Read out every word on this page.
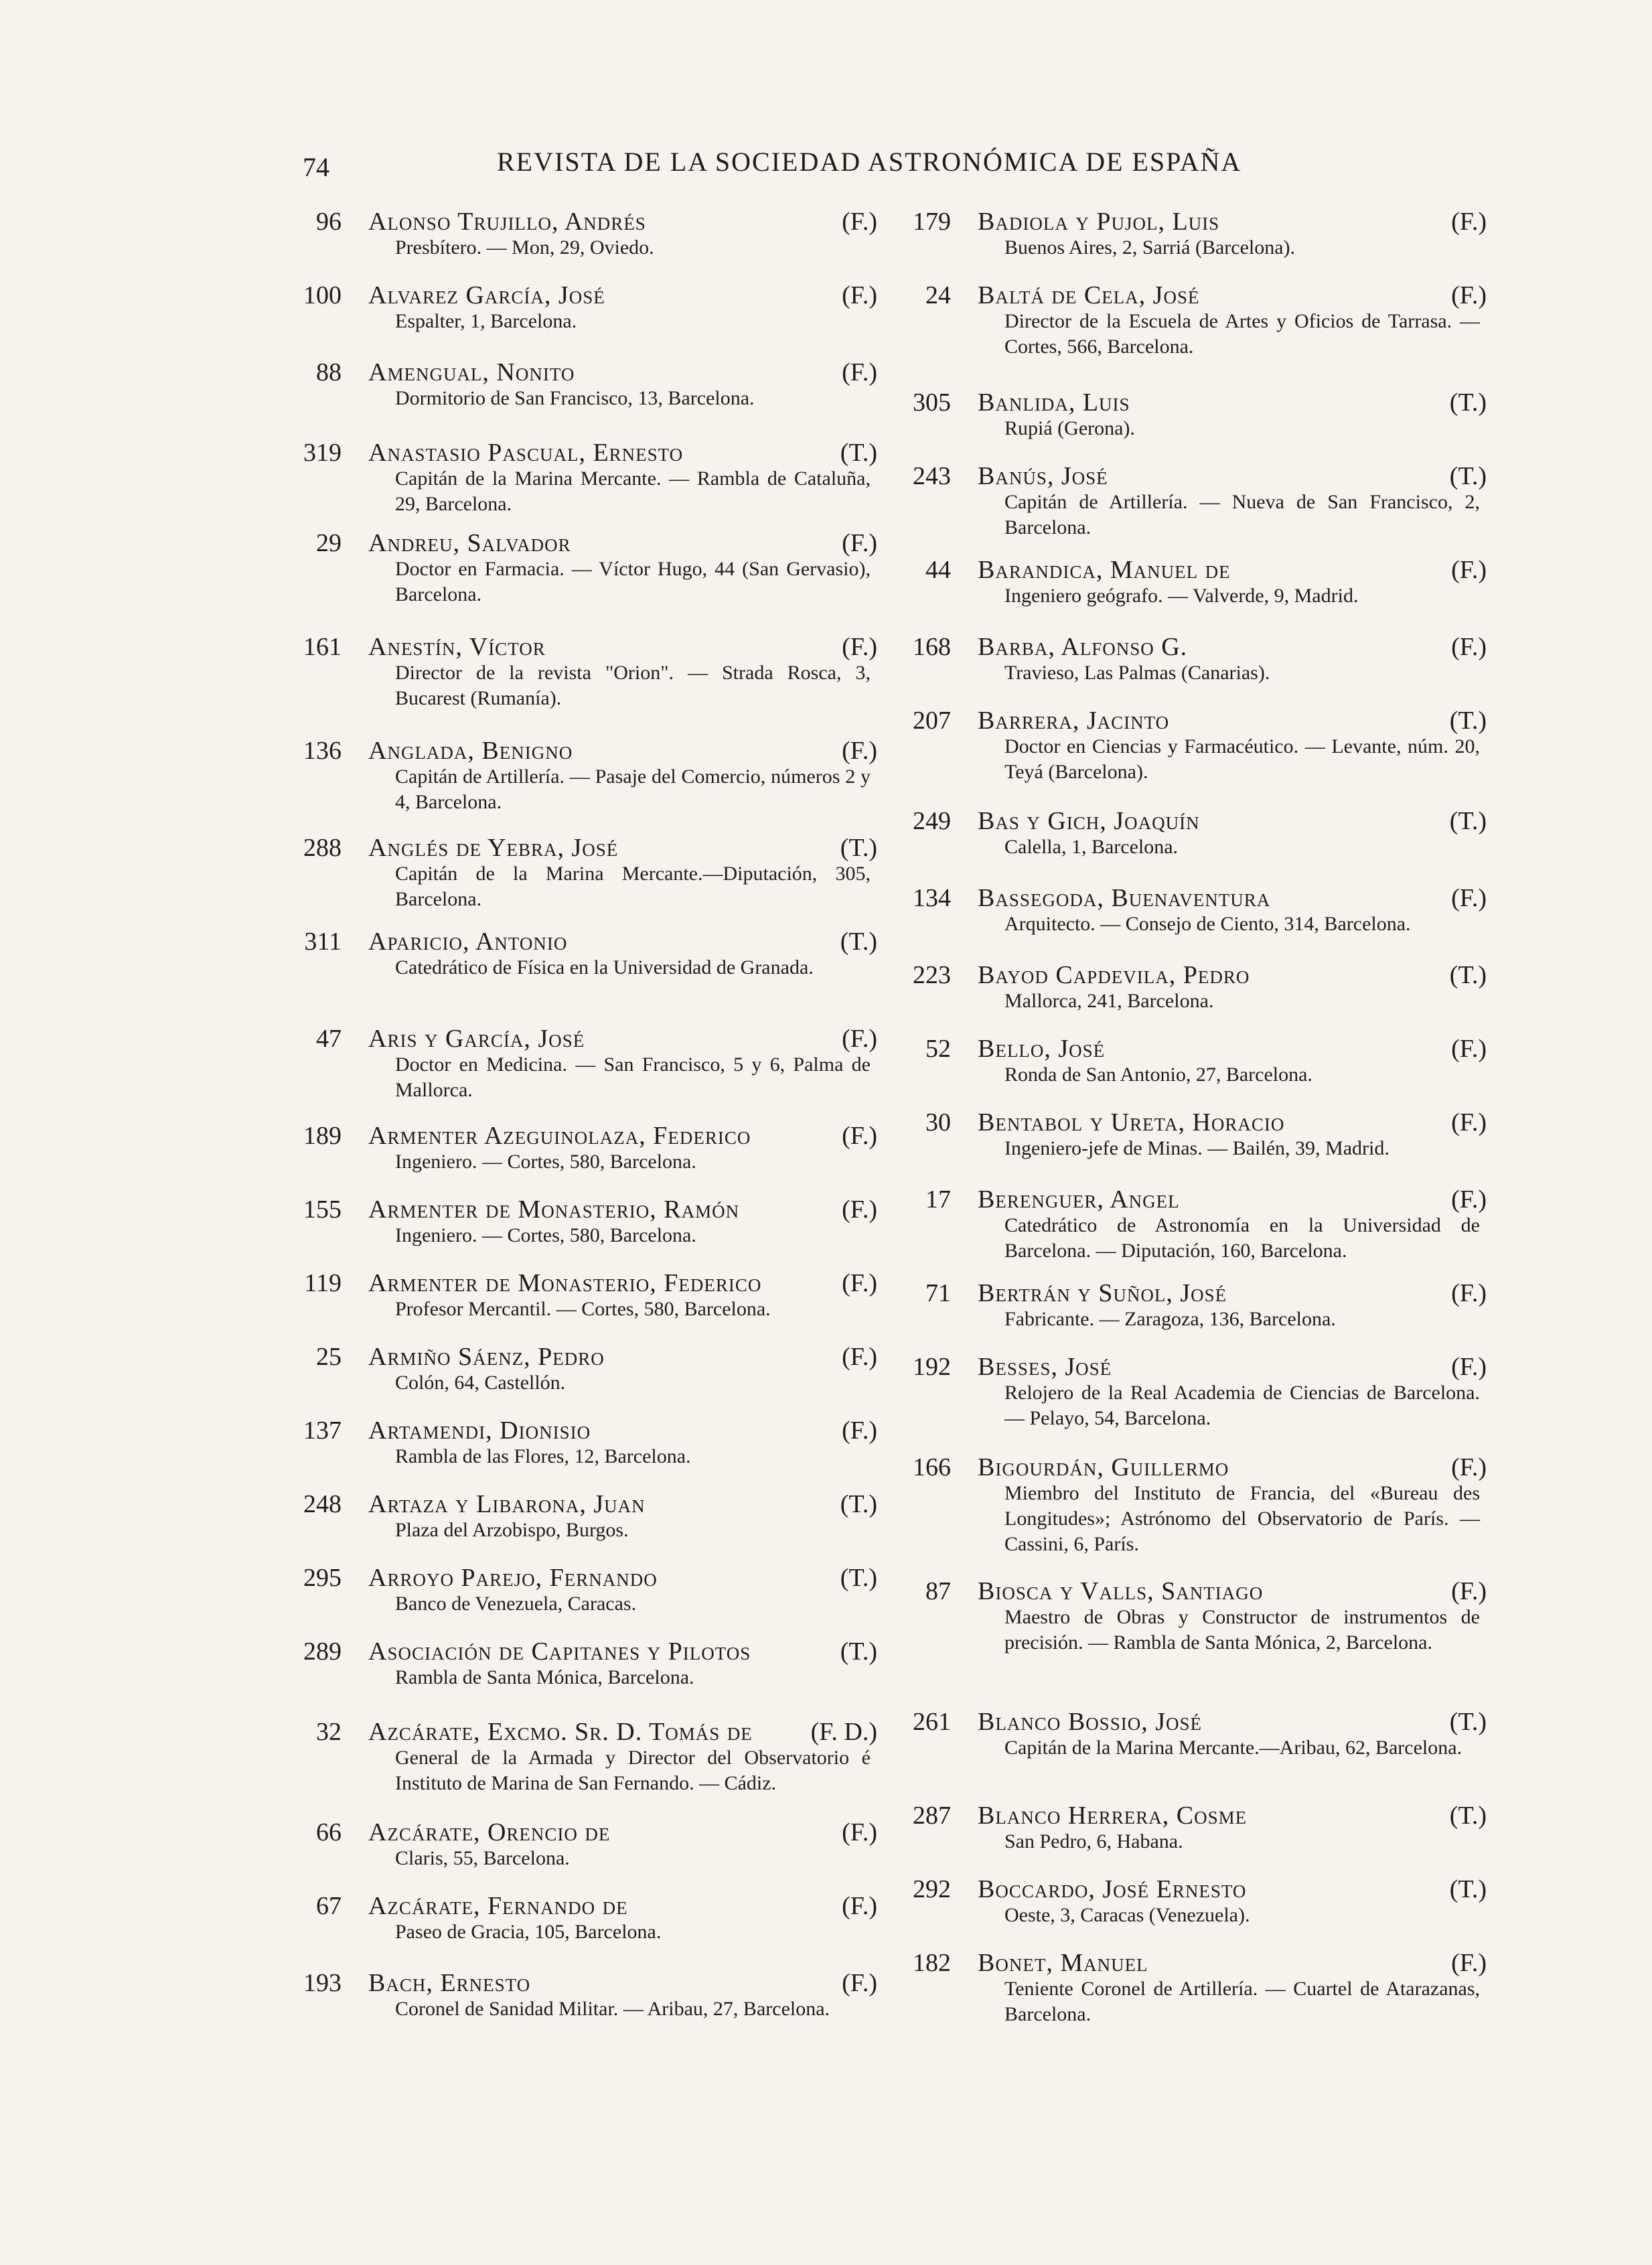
74	REVISTA DE LA SOCIEDAD ASTRONÓMICA DE ESPAÑA
96 Alonso Trujillo, Andrés	(F.)
Presbítero. — Mon, 29, Oviedo.
100 Alvarez García, José	(F.)
Espalter, 1, Barcelona.
88 Amengual, Nonito	(F.)
Dormitorio de San Francisco, 13, Barcelona.
319 Anastasio Pascual, Ernesto	(T.)
Capitán de la Marina Mercante. — Rambla de Cataluña, 29, Barcelona.
29 Andreu, Salvador	(F.)
Doctor en Farmacia. — Víctor Hugo, 44 (San Gervasio), Barcelona.
161 Anestín, Víctor	(F.)
Director de la revista "Orion". — Strada Rosca, 3, Bucarest (Rumanía).
136 Anglada, Benigno	(F.)
Capitán de Artillería. — Pasaje del Comercio, números 2 y 4, Barcelona.
288 Anglés de Yebra, José	(T.)
Capitán de la Marina Mercante.—Diputación, 305, Barcelona.
311 Aparicio, Antonio	(T.)
Catedrático de Física en la Universidad de Granada.
47 Aris y García, José	(F.)
Doctor en Medicina. — San Francisco, 5 y 6, Palma de Mallorca.
189 Armenter Azeguinolaza, Federico	(F.)
Ingeniero. — Cortes, 580, Barcelona.
155 Armenter de Monasterio, Ramón	(F.)
Ingeniero. — Cortes, 580, Barcelona.
119 Armenter de Monasterio, Federico	(F.)
Profesor Mercantil. — Cortes, 580, Barcelona.
25 Armiño Sáenz, Pedro	(F.)
Colón, 64, Castellón.
137 Artamendi, Dionisio	(F.)
Rambla de las Flores, 12, Barcelona.
248 Artaza y Libarona, Juan	(T.)
Plaza del Arzobispo, Burgos.
295 Arroyo Parejo, Fernando	(T.)
Banco de Venezuela, Caracas.
289 Asociación de Capitanes y Pilotos	(T.)
Rambla de Santa Mónica, Barcelona.
32 Azcárate, Excmo. Sr. D. Tomás de (F. D.)
General de la Armada y Director del Observatorio é Instituto de Marina de San Fernando. — Cádiz.
66 Azcárate, Orencio de	(F.)
Claris, 55, Barcelona.
67 Azcárate, Fernando de	(F.)
Paseo de Gracia, 105, Barcelona.
193 Bach, Ernesto	(F.)
Coronel de Sanidad Militar. — Aribau, 27, Barcelona.
179 Badiola y Pujol, Luis	(F.)
Buenos Aires, 2, Sarriá (Barcelona).
24 Baltá de Cela, José	(F.)
Director de la Escuela de Artes y Oficios de Tarrasa. — Cortes, 566, Barcelona.
305 Banlida, Luis	(T.)
Rupiá (Gerona).
243 Banús, José	(T.)
Capitán de Artillería. — Nueva de San Francisco, 2, Barcelona.
44 Barandica, Manuel de	(F.)
Ingeniero geógrafo. — Valverde, 9, Madrid.
168 Barba, Alfonso G.	(F.)
Travieso, Las Palmas (Canarias).
207 Barrera, Jacinto	(T.)
Doctor en Ciencias y Farmacéutico. — Levante, núm. 20, Teyá (Barcelona).
249 Bas y Gich, Joaquín	(T.)
Calella, 1, Barcelona.
134 Bassegoda, Buenaventura	(F.)
Arquitecto. — Consejo de Ciento, 314, Barcelona.
223 Bayod Capdevila, Pedro	(T.)
Mallorca, 241, Barcelona.
52 Bello, José	(F.)
Ronda de San Antonio, 27, Barcelona.
30 Bentabol y Ureta, Horacio	(F.)
Ingeniero-jefe de Minas. — Bailén, 39, Madrid.
17 Berenguer, Angel	(F.)
Catedrático de Astronomía en la Universidad de Barcelona. — Diputación, 160, Barcelona.
71 Bertrán y Suñol, José	(F.)
Fabricante. — Zaragoza, 136, Barcelona.
192 Besses, José	(F.)
Relojero de la Real Academia de Ciencias de Barcelona. — Pelayo, 54, Barcelona.
166 Bigourdán, Guillermo	(F.)
Miembro del Instituto de Francia, del «Bureau des Longitudes»; Astrónomo del Observatorio de París. — Cassini, 6, París.
87 Biosca y Valls, Santiago	(F.)
Maestro de Obras y Constructor de instrumentos de precisión. — Rambla de Santa Mónica, 2, Barcelona.
261 Blanco Bossio, José	(T.)
Capitán de la Marina Mercante.—Aribau, 62, Barcelona.
287 Blanco Herrera, Cosme	(T.)
San Pedro, 6, Habana.
292 Boccardo, José Ernesto	(T.)
Oeste, 3, Caracas (Venezuela).
182 Bonet, Manuel	(F.)
Teniente Coronel de Artillería. — Cuartel de Atarazanas, Barcelona.
